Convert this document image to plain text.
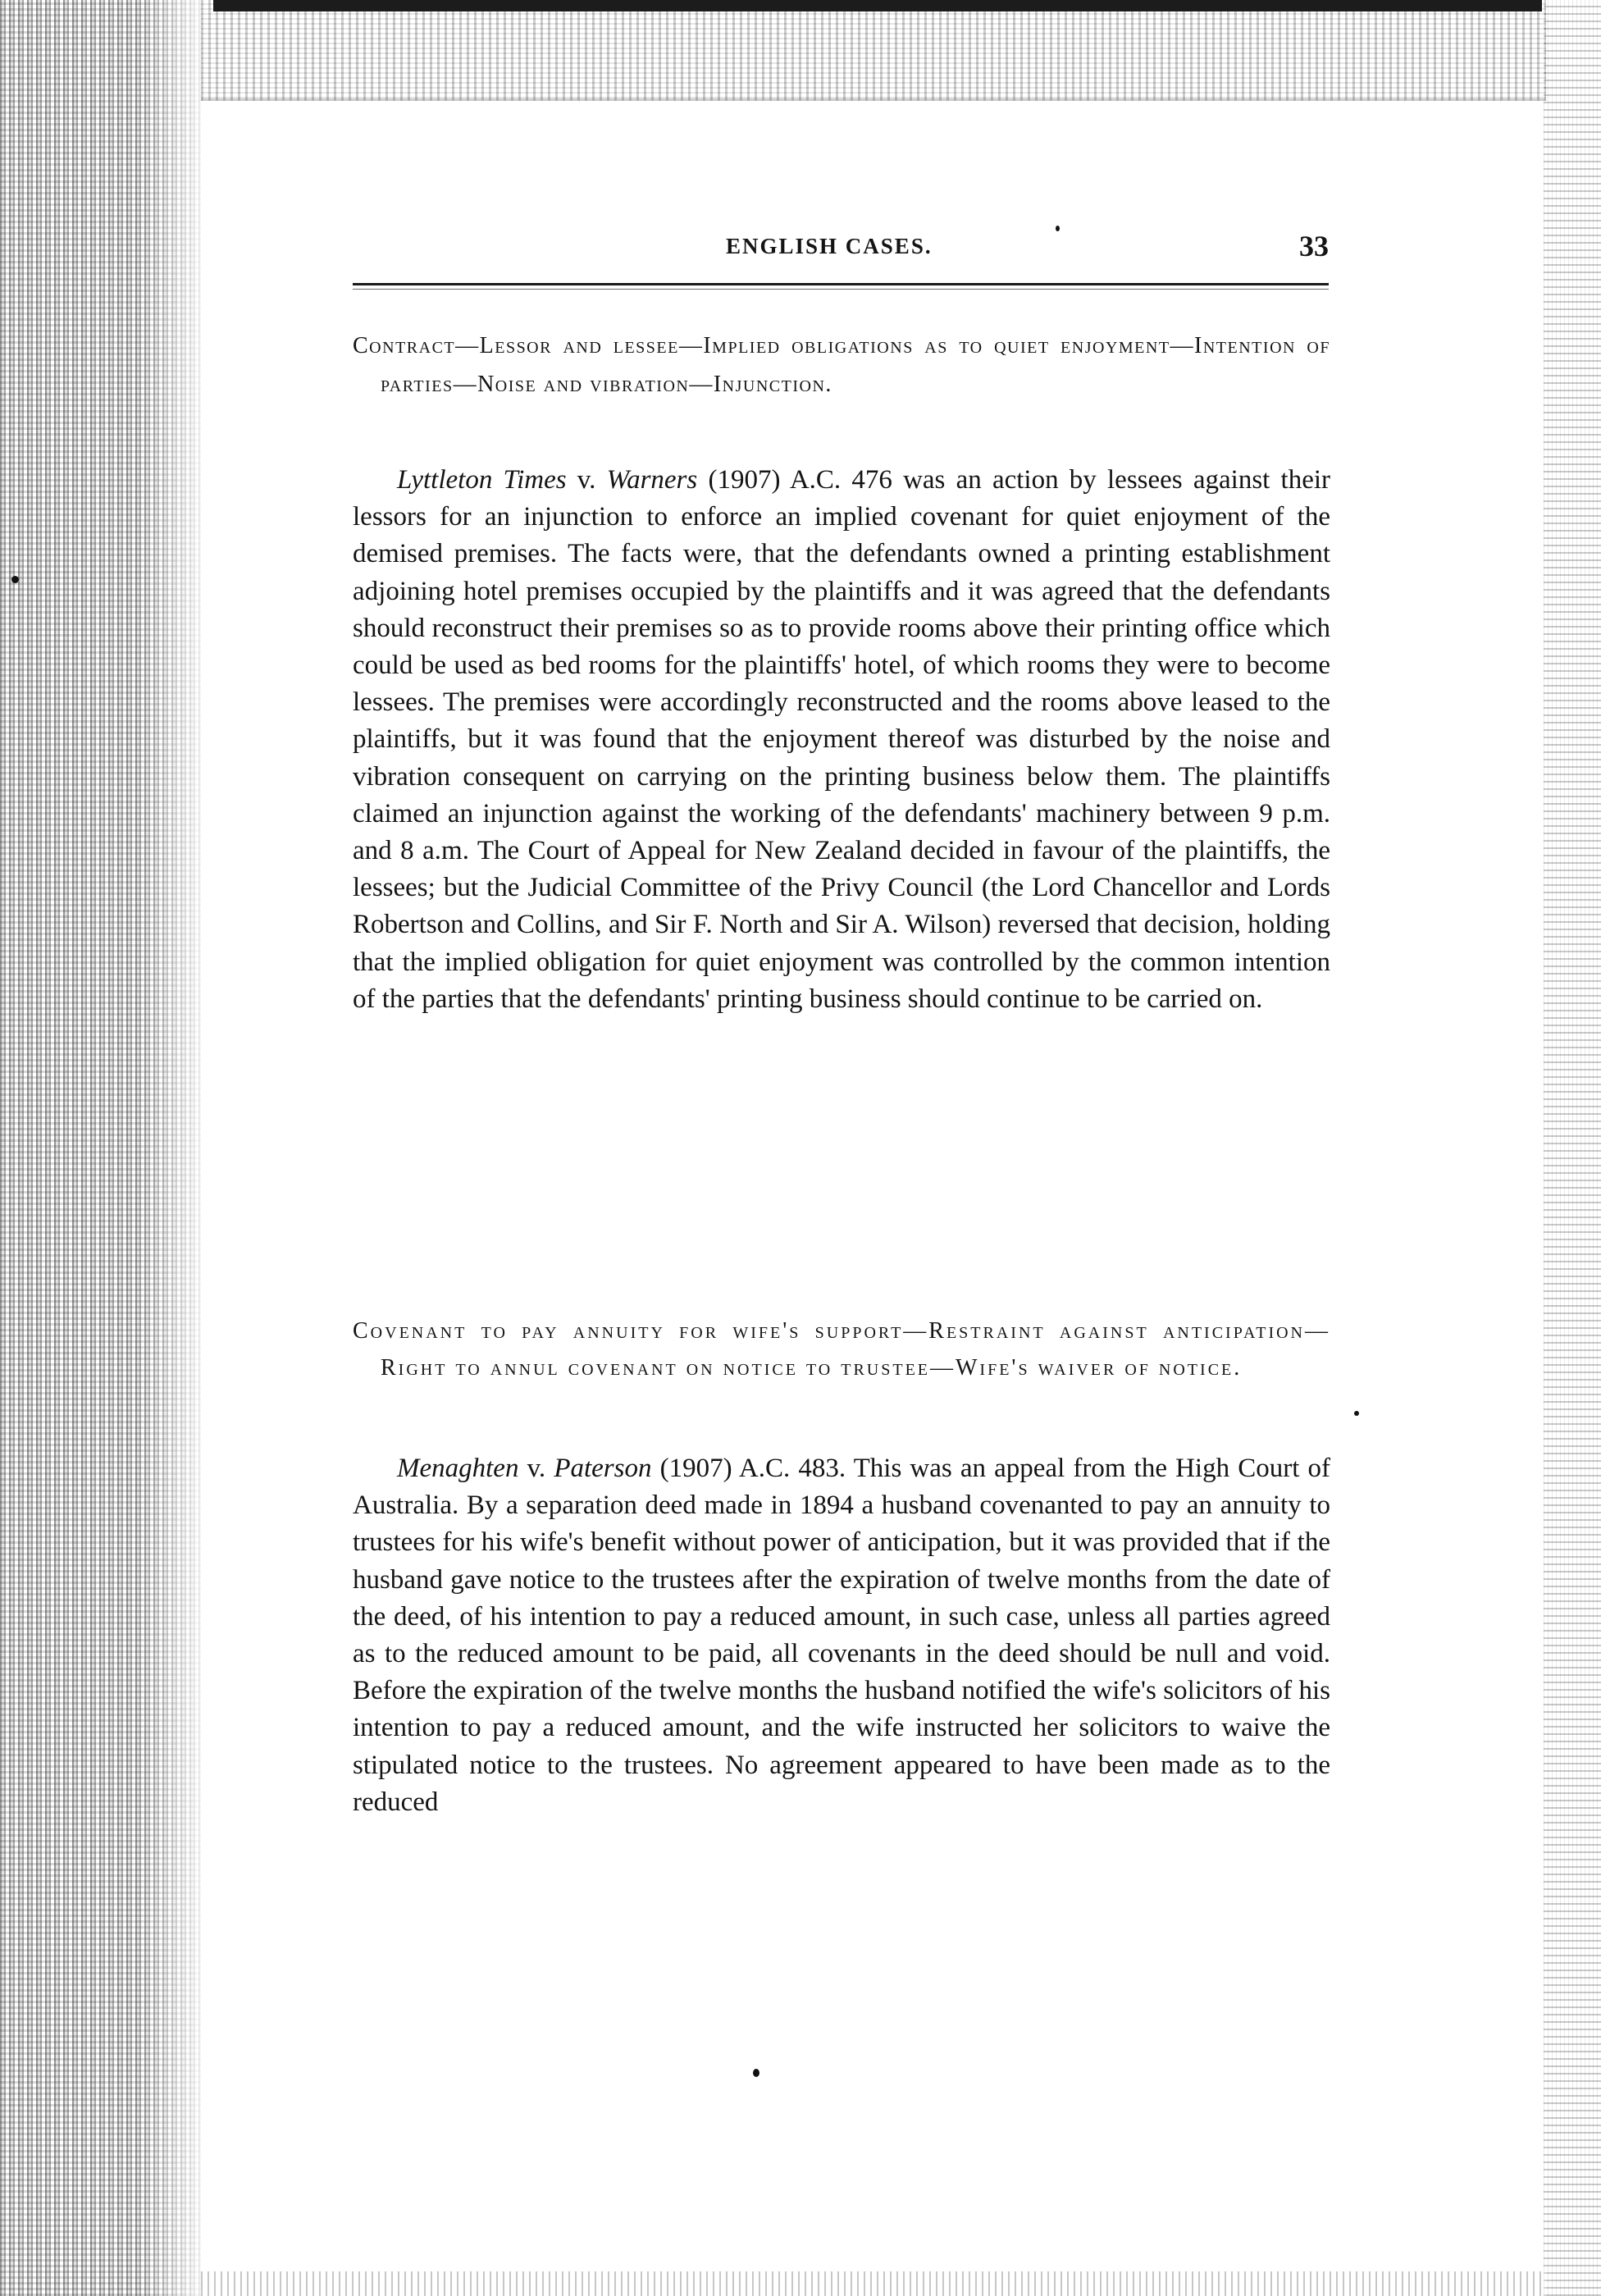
ENGLISH CASES.	33

Contract—Lessor and lessee—Implied obligations as to quiet enjoyment—Intention of parties—Noise and vibration—Injunction.

Lyttleton Times v. Warners (1907) A.C. 476 was an action by lessees against their lessors for an injunction to enforce an implied covenant for quiet enjoyment of the demised premises. The facts were, that the defendants owned a printing establishment adjoining hotel premises occupied by the plaintiffs and it was agreed that the defendants should reconstruct their premises so as to provide rooms above their printing office which could be used as bed rooms for the plaintiffs' hotel, of which rooms they were to become lessees. The premises were accordingly reconstructed and the rooms above leased to the plaintiffs, but it was found that the enjoyment thereof was disturbed by the noise and vibration consequent on carrying on the printing business below them. The plaintiffs claimed an injunction against the working of the defendants' machinery between 9 p.m. and 8 a.m. The Court of Appeal for New Zealand decided in favour of the plaintiffs, the lessees; but the Judicial Committee of the Privy Council (the Lord Chancellor and Lords Robertson and Collins, and Sir F. North and Sir A. Wilson) reversed that decision, holding that the implied obligation for quiet enjoyment was controlled by the common intention of the parties that the defendants' printing business should continue to be carried on.

Covenant to pay annuity for wife's support—Restraint against anticipation—Right to annul covenant on notice to trustee—Wife's waiver of notice.

Menaghten v. Paterson (1907) A.C. 483. This was an appeal from the High Court of Australia. By a separation deed made in 1894 a husband covenanted to pay an annuity to trustees for his wife's benefit without power of anticipation, but it was provided that if the husband gave notice to the trustees after the expiration of twelve months from the date of the deed, of his intention to pay a reduced amount, in such case, unless all parties agreed as to the reduced amount to be paid, all covenants in the deed should be null and void. Before the expiration of the twelve months the husband notified the wife's solicitors of his intention to pay a reduced amount, and the wife instructed her solicitors to waive the stipulated notice to the trustees. No agreement appeared to have been made as to the reduced
